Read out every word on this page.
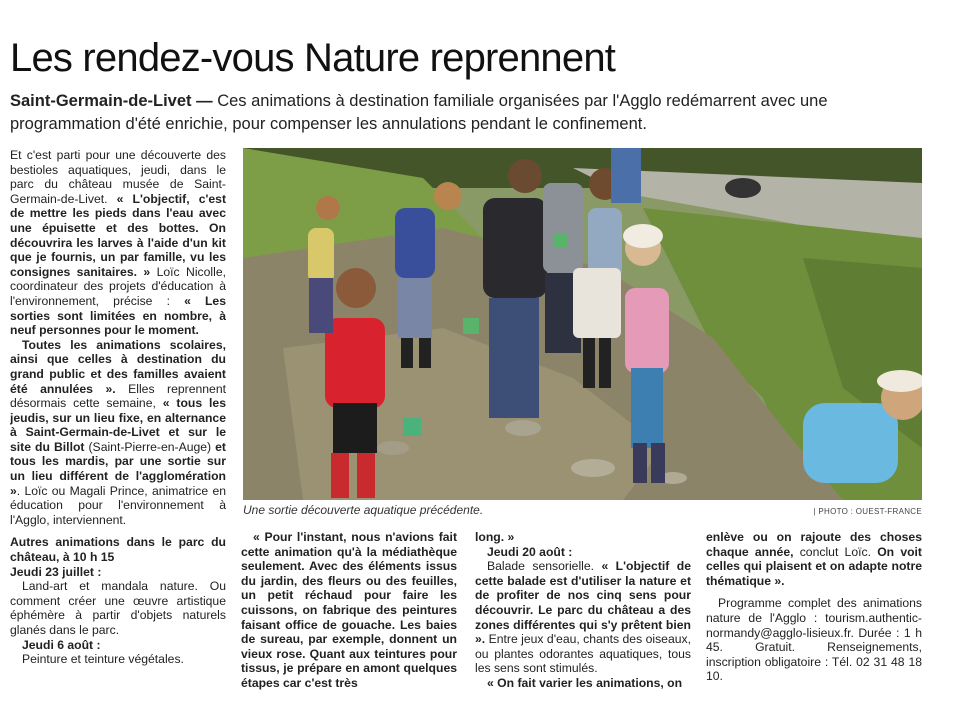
Les rendez-vous Nature reprennent
Saint-Germain-de-Livet — Ces animations à destination familiale organisées par l'Agglo redémarrent avec une programmation d'été enrichie, pour compenser les annulations pendant le confinement.

Et c'est parti pour une découverte des bestioles aquatiques, jeudi, dans le parc du château musée de Saint-Germain-de-Livet. « L'objectif, c'est de mettre les pieds dans l'eau avec une épuisette et des bottes. On découvrira les larves à l'aide d'un kit que je fournis, un par famille, vu les consignes sanitaires. » Loïc Nicolle, coordinateur des projets d'éducation à l'environnement, précise : « Les sorties sont limitées en nombre, à neuf personnes pour le moment.

Toutes les animations scolaires, ainsi que celles à destination du grand public et des familles avaient été annulées ». Elles reprennent désormais cette semaine, « tous les jeudis, sur un lieu fixe, en alternance à Saint-Germain-de-Livet et sur le site du Billot (Saint-Pierre-en-Auge) et tous les mardis, par une sortie sur un lieu différent de l'agglomération ». Loïc ou Magali Prince, animatrice en éducation pour l'environnement à l'Agglo, interviennent.

Autres animations dans le parc du château, à 10 h 15

Jeudi 23 juillet :

Land-art et mandala nature. Ou comment créer une œuvre artistique éphémère à partir d'objets naturels glanés dans le parc.

Jeudi 6 août :

Peinture et teinture végétales.

Une sortie découverte aquatique précédente.	| PHOTO : OUEST-FRANCE

« Pour l'instant, nous n'avions fait cette animation qu'à la médiathèque seulement. Avec des éléments issus du jardin, des fleurs ou des feuilles, un petit réchaud pour faire les cuissons, on fabrique des peintures faisant office de gouache. Les baies de sureau, par exemple, donnent un vieux rose. Quant aux teintures pour tissus, je prépare en amont quelques étapes car c'est très

long. »

Jeudi 20 août :

Balade sensorielle. « L'objectif de cette balade est d'utiliser la nature et de profiter de nos cinq sens pour découvrir. Le parc du château a des zones différentes qui s'y prêtent bien ». Entre jeux d'eau, chants des oiseaux, ou plantes odorantes aquatiques, tous les sens sont stimulés.

« On fait varier les animations, on

enlève ou on rajoute des choses chaque année, conclut Loïc. On voit celles qui plaisent et on adapte notre thématique ».

Programme complet des animations nature de l'Agglo : tourism.authentic-normandy@agglo-lisieux.fr. Durée : 1 h 45. Gratuit. Renseignements, inscription obligatoire : Tél. 02 31 48 18 10.
